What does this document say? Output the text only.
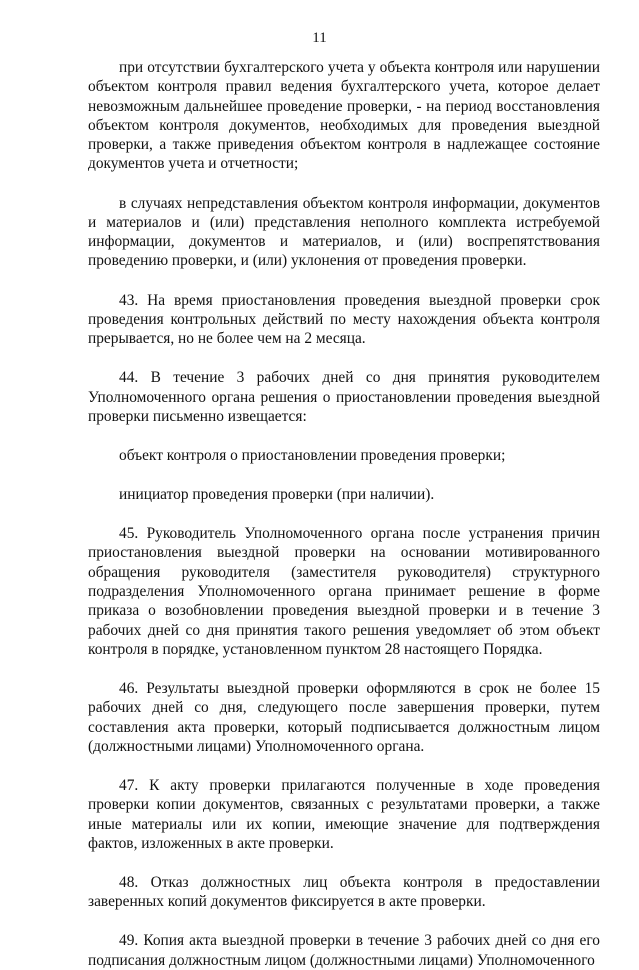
11

при отсутствии бухгалтерского учета у объекта контроля или нарушении объектом контроля правил ведения бухгалтерского учета, которое делает невозможным дальнейшее проведение проверки, - на период восстановления объектом контроля документов, необходимых для проведения выездной проверки, а также приведения объектом контроля в надлежащее состояние документов учета и отчетности;

в случаях непредставления объектом контроля информации, документов и материалов и (или) представления неполного комплекта истребуемой информации, документов и материалов, и (или) воспрепятствования проведению проверки, и (или) уклонения от проведения проверки.

43. На время приостановления проведения выездной проверки срок проведения контрольных действий по месту нахождения объекта контроля прерывается, но не более чем на 2 месяца.

44. В течение 3 рабочих дней со дня принятия руководителем Уполномоченного органа решения о приостановлении проведения выездной проверки письменно извещается:

объект контроля о приостановлении проведения проверки;

инициатор проведения проверки (при наличии).

45. Руководитель Уполномоченного органа после устранения причин приостановления выездной проверки на основании мотивированного обращения руководителя (заместителя руководителя) структурного подразделения Уполномоченного органа принимает решение в форме приказа о возобновлении проведения выездной проверки и в течение 3 рабочих дней со дня принятия такого решения уведомляет об этом объект контроля в порядке, установленном пунктом 28 настоящего Порядка.

46. Результаты выездной проверки оформляются в срок не более 15 рабочих дней со дня, следующего после завершения проверки, путем составления акта проверки, который подписывается должностным лицом (должностными лицами) Уполномоченного органа.

47. К акту проверки прилагаются полученные в ходе проведения проверки копии документов, связанных с результатами проверки, а также иные материалы или их копии, имеющие значение для подтверждения фактов, изложенных в акте проверки.

48. Отказ должностных лиц объекта контроля в предоставлении заверенных копий документов фиксируется в акте проверки.

49. Копия акта выездной проверки в течение 3 рабочих дней со дня его подписания должностным лицом (должностными лицами) Уполномоченного
